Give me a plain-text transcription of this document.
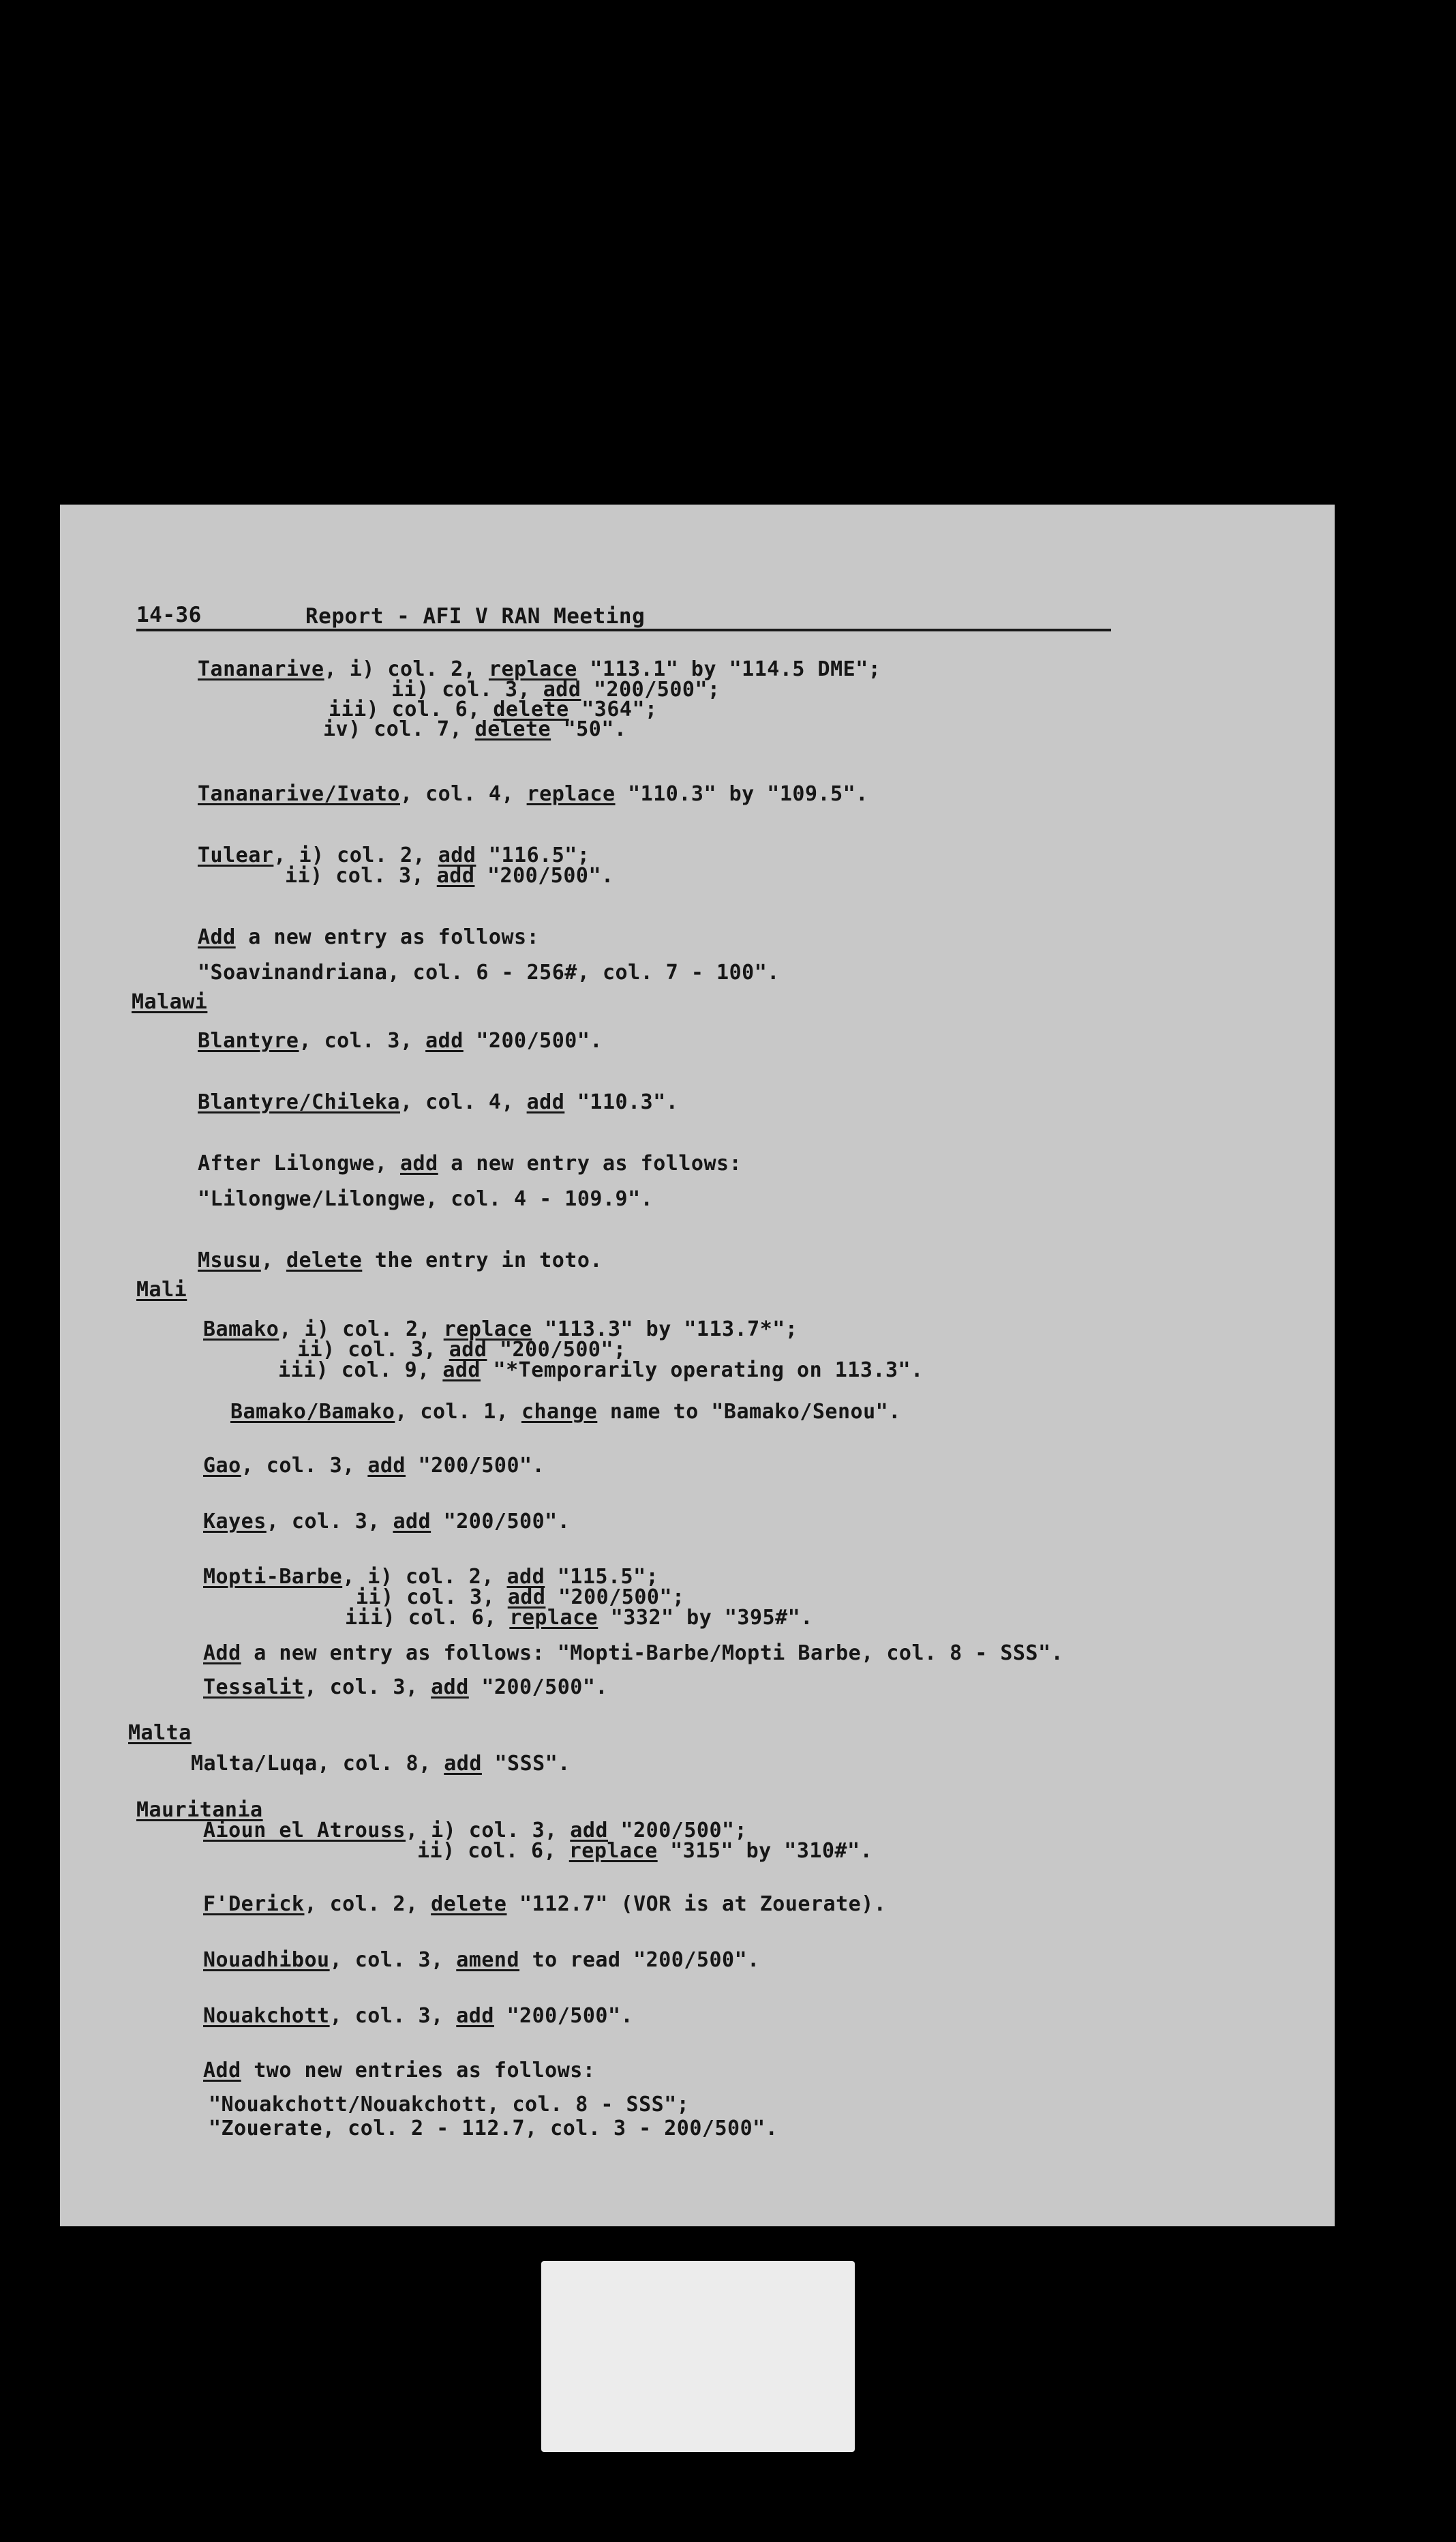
14-36	Report - AFI V RAN Meeting
Tananarive, i) col. 2, replace "113.1" by "114.5 DME";
ii) col. 3, add "200/500";
iii) col. 6, delete "364";
iv) col. 7, delete "50".
Tananarive/Ivato, col. 4, replace "110.3" by "109.5".
Tulear, i) col. 2, add "116.5";
ii) col. 3, add "200/500".
Add a new entry as follows:
"Soavinandriana, col. 6 - 256#, col. 7 - 100".
Malawi
Blantyre, col. 3, add "200/500".
Blantyre/Chileka, col. 4, add "110.3".
After Lilongwe, add a new entry as follows:
"Lilongwe/Lilongwe, col. 4 - 109.9".
Msusu, delete the entry in toto.
Mali
Bamako, i) col. 2, replace "113.3" by "113.7*";
ii) col. 3, add "200/500";
iii) col. 9, add "*Temporarily operating on 113.3".
Bamako/Bamako, col. 1, change name to "Bamako/Senou".
Gao, col. 3, add "200/500".
Kayes, col. 3, add "200/500".
Mopti-Barbe, i) col. 2, add "115.5";
ii) col. 3, add "200/500";
iii) col. 6, replace "332" by "395#".
Add a new entry as follows: "Mopti-Barbe/Mopti Barbe, col. 8 - SSS".
Tessalit, col. 3, add "200/500".
Malta
Malta/Luqa, col. 8, add "SSS".
Mauritania
Aioun el Atrouss, i) col. 3, add "200/500";
ii) col. 6, replace "315" by "310#".
F'Derick, col. 2, delete "112.7" (VOR is at Zouerate).
Nouadhibou, col. 3, amend to read "200/500".
Nouakchott, col. 3, add "200/500".
Add two new entries as follows:
"Nouakchott/Nouakchott, col. 8 - SSS";
"Zouerate, col. 2 - 112.7, col. 3 - 200/500".
